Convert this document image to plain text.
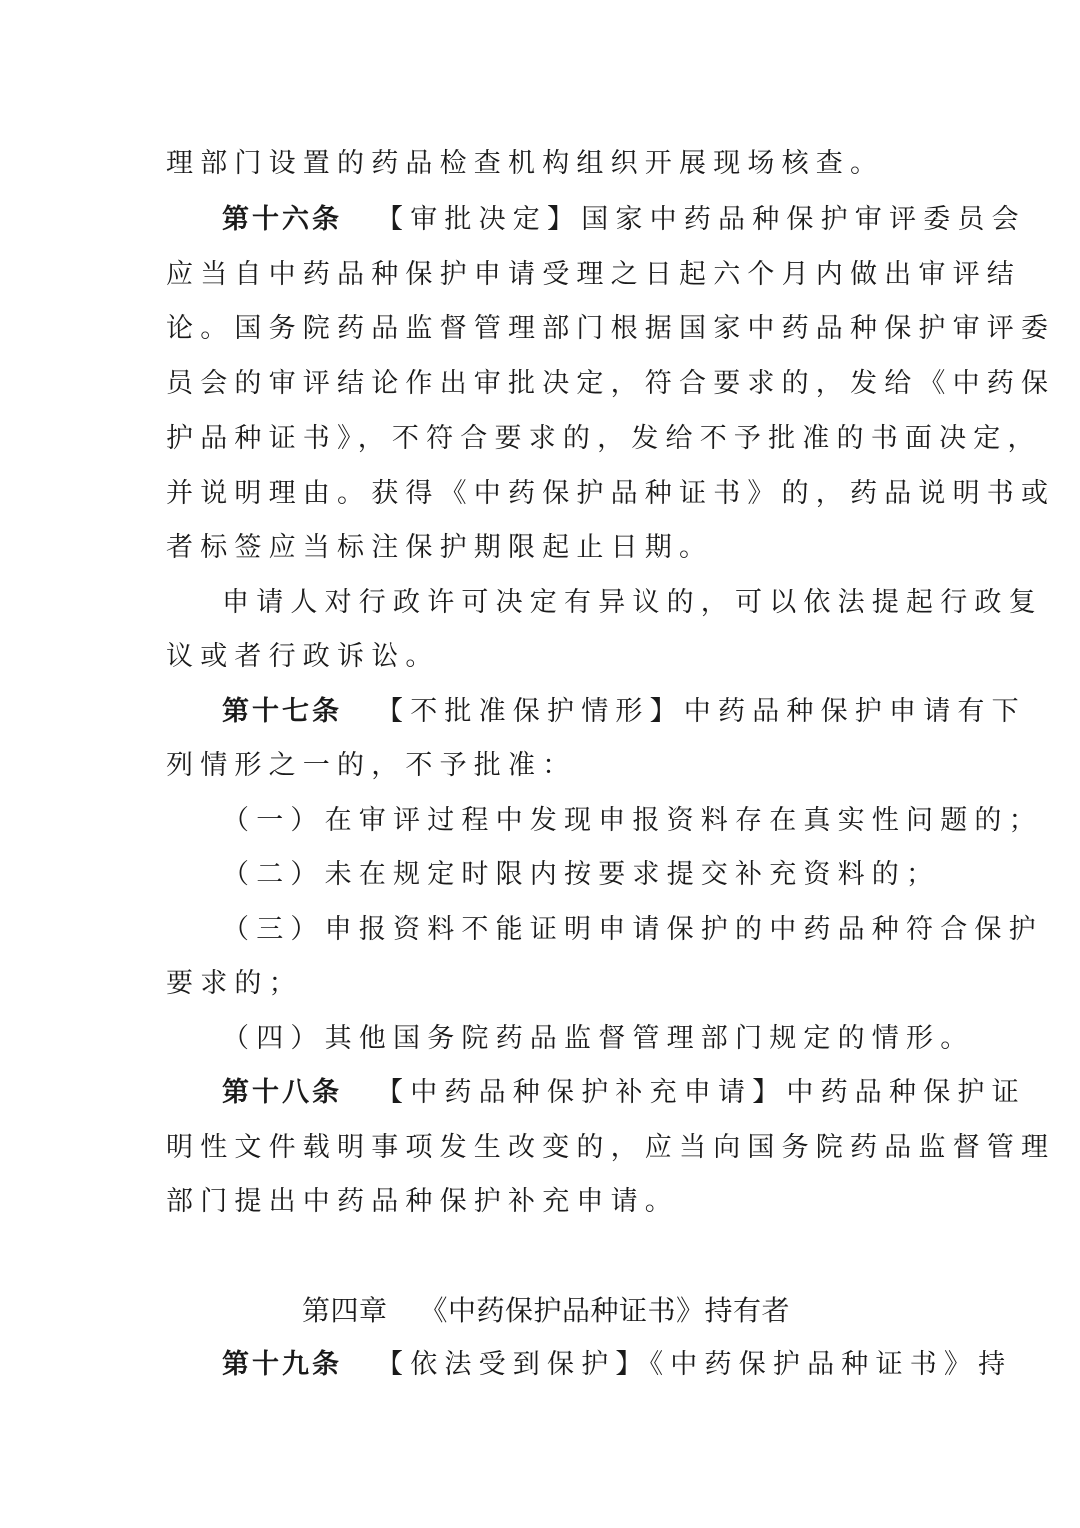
理部门设置的药品检查机构组织开展现场核查。
第十六条 【审批决定】国家中药品种保护审评委员会
应当自中药品种保护申请受理之日起六个月内做出审评结
论。国务院药品监督管理部门根据国家中药品种保护审评委
员会的审评结论作出审批决定，符合要求的，发给《中药保
护品种证书》，不符合要求的，发给不予批准的书面决定，
并说明理由。获得《中药保护品种证书》的，药品说明书或
者标签应当标注保护期限起止日期。
申请人对行政许可决定有异议的，可以依法提起行政复
议或者行政诉讼。
第十七条 【不批准保护情形】中药品种保护申请有下
列情形之一的，不予批准：
（一）在审评过程中发现申报资料存在真实性问题的；
（二）未在规定时限内按要求提交补充资料的；
（三）申报资料不能证明申请保护的中药品种符合保护
要求的；
（四）其他国务院药品监督管理部门规定的情形。
第十八条 【中药品种保护补充申请】中药品种保护证
明性文件载明事项发生改变的，应当向国务院药品监督管理
部门提出中药品种保护补充申请。
第四章 《中药保护品种证书》持有者
第十九条 【依法受到保护】《中药保护品种证书》持
